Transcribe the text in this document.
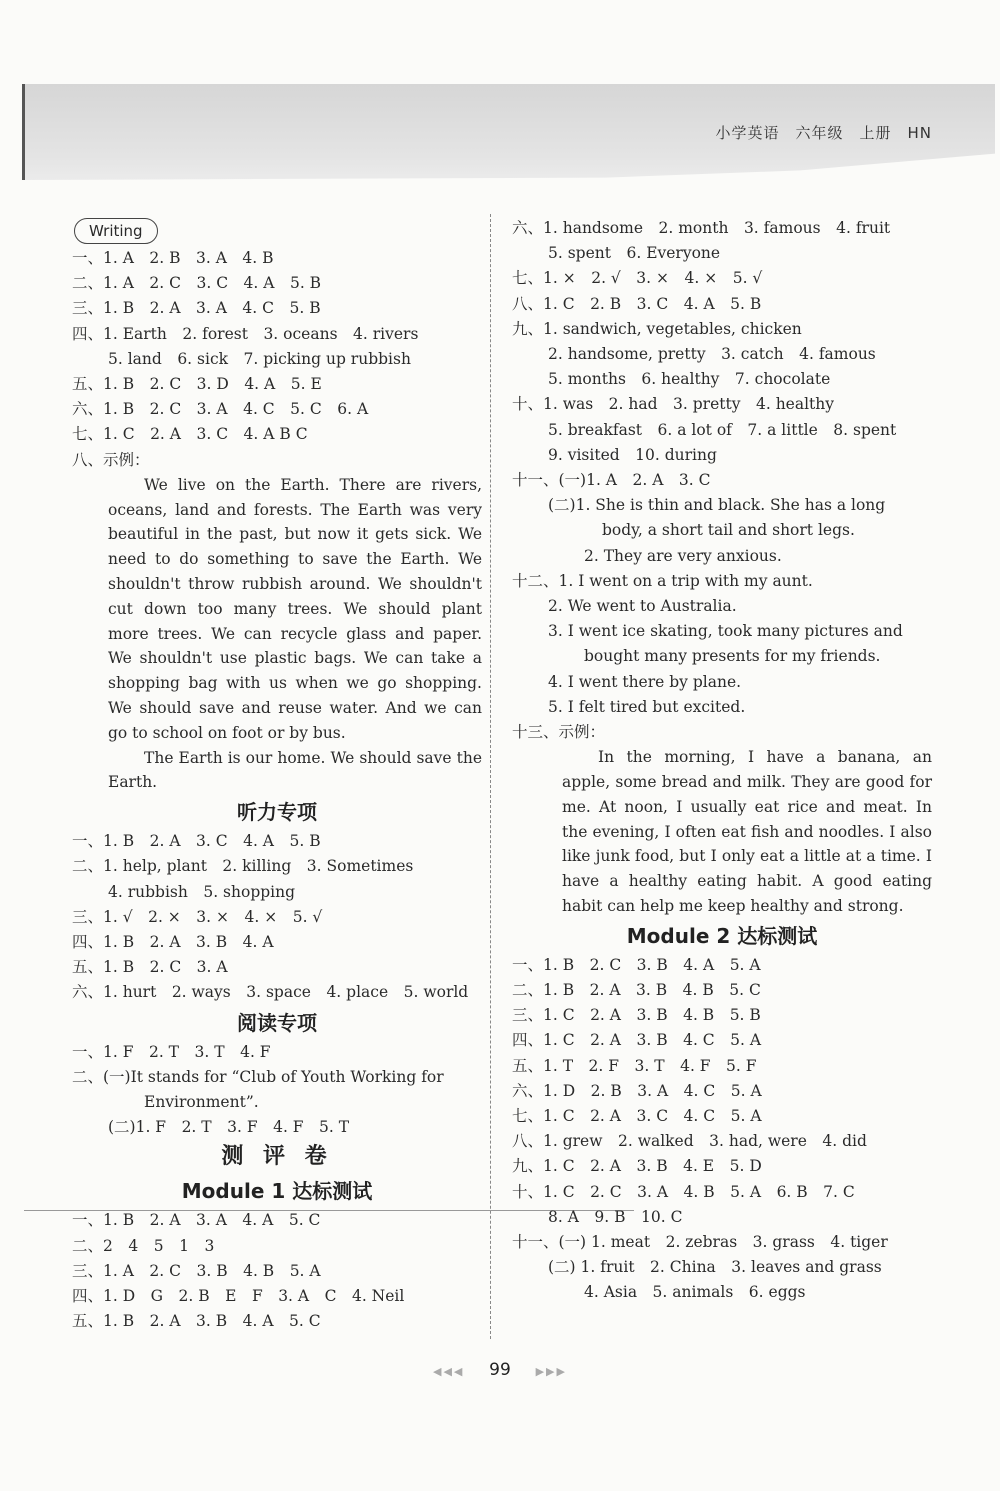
小学英语　六年级　上册　HN
Writing
一、1. A　2. B　3. A　4. B
二、1. A　2. C　3. C　4. A　5. B
三、1. B　2. A　3. A　4. C　5. B
四、1. Earth　2. forest　3. oceans　4. rivers
5. land　6. sick　7. picking up rubbish
五、1. B　2. C　3. D　4. A　5. E
六、1. B　2. C　3. A　4. C　5. C　6. A
七、1. C　2. A　3. C　4. A B C
八、示例：
We live on the Earth. There are rivers, oceans, land and forests. The Earth was very beautiful in the past, but now it gets sick. We need to do something to save the Earth. We shouldn't throw rubbish around. We shouldn't cut down too many trees. We should plant more trees. We can recycle glass and paper. We shouldn't use plastic bags. We can take a shopping bag with us when we go shopping. We should save and reuse water. And we can go to school on foot or by bus.
The Earth is our home. We should save the Earth.
听力专项
一、1. B　2. A　3. C　4. A　5. B
二、1. help, plant　2. killing　3. Sometimes
4. rubbish　5. shopping
三、1. √　2. ×　3. ×　4. ×　5. √
四、1. B　2. A　3. B　4. A
五、1. B　2. C　3. A
六、1. hurt　2. ways　3. space　4. place　5. world
阅读专项
一、1. F　2. T　3. T　4. F
二、(一)It stands for “Club of Youth Working for
Environment”.
(二)1. F　2. T　3. F　4. F　5. T
测 评 卷
Module 1 达标测试
一、1. B　2. A　3. A　4. A　5. C
二、2　4　5　1　3
三、1. A　2. C　3. B　4. B　5. A
四、1. D　G　2. B　E　F　3. A　C　4. Neil
五、1. B　2. A　3. B　4. A　5. C
六、1. handsome　2. month　3. famous　4. fruit
5. spent　6. Everyone
七、1. ×　2. √　3. ×　4. ×　5. √
八、1. C　2. B　3. C　4. A　5. B
九、1. sandwich, vegetables, chicken
2. handsome, pretty　3. catch　4. famous
5. months　6. healthy　7. chocolate
十、1. was　2. had　3. pretty　4. healthy
5. breakfast　6. a lot of　7. a little　8. spent
9. visited　10. during
十一、(一)1. A　2. A　3. C
(二)1. She is thin and black. She has a long
body, a short tail and short legs.
2. They are very anxious.
十二、1. I went on a trip with my aunt.
2. We went to Australia.
3. I went ice skating, took many pictures and
bought many presents for my friends.
4. I went there by plane.
5. I felt tired but excited.
十三、示例：
In the morning, I have a banana, an apple, some bread and milk. They are good for me. At noon, I usually eat rice and meat. In the evening, I often eat fish and noodles. I also like junk food, but I only eat a little at a time. I have a healthy eating habit. A good eating habit can help me keep healthy and strong.
Module 2 达标测试
一、1. B　2. C　3. B　4. A　5. A
二、1. B　2. A　3. B　4. B　5. C
三、1. C　2. A　3. B　4. B　5. B
四、1. C　2. A　3. B　4. C　5. A
五、1. T　2. F　3. T　4. F　5. F
六、1. D　2. B　3. A　4. C　5. A
七、1. C　2. A　3. C　4. C　5. A
八、1. grew　2. walked　3. had, were　4. did
九、1. C　2. A　3. B　4. E　5. D
十、1. C　2. C　3. A　4. B　5. A　6. B　7. C
8. A　9. B　10. C
十一、(一) 1. meat　2. zebras　3. grass　4. tiger
(二) 1. fruit　2. China　3. leaves and grass
4. Asia　5. animals　6. eggs
◀◀◀ 99 ▶▶▶
